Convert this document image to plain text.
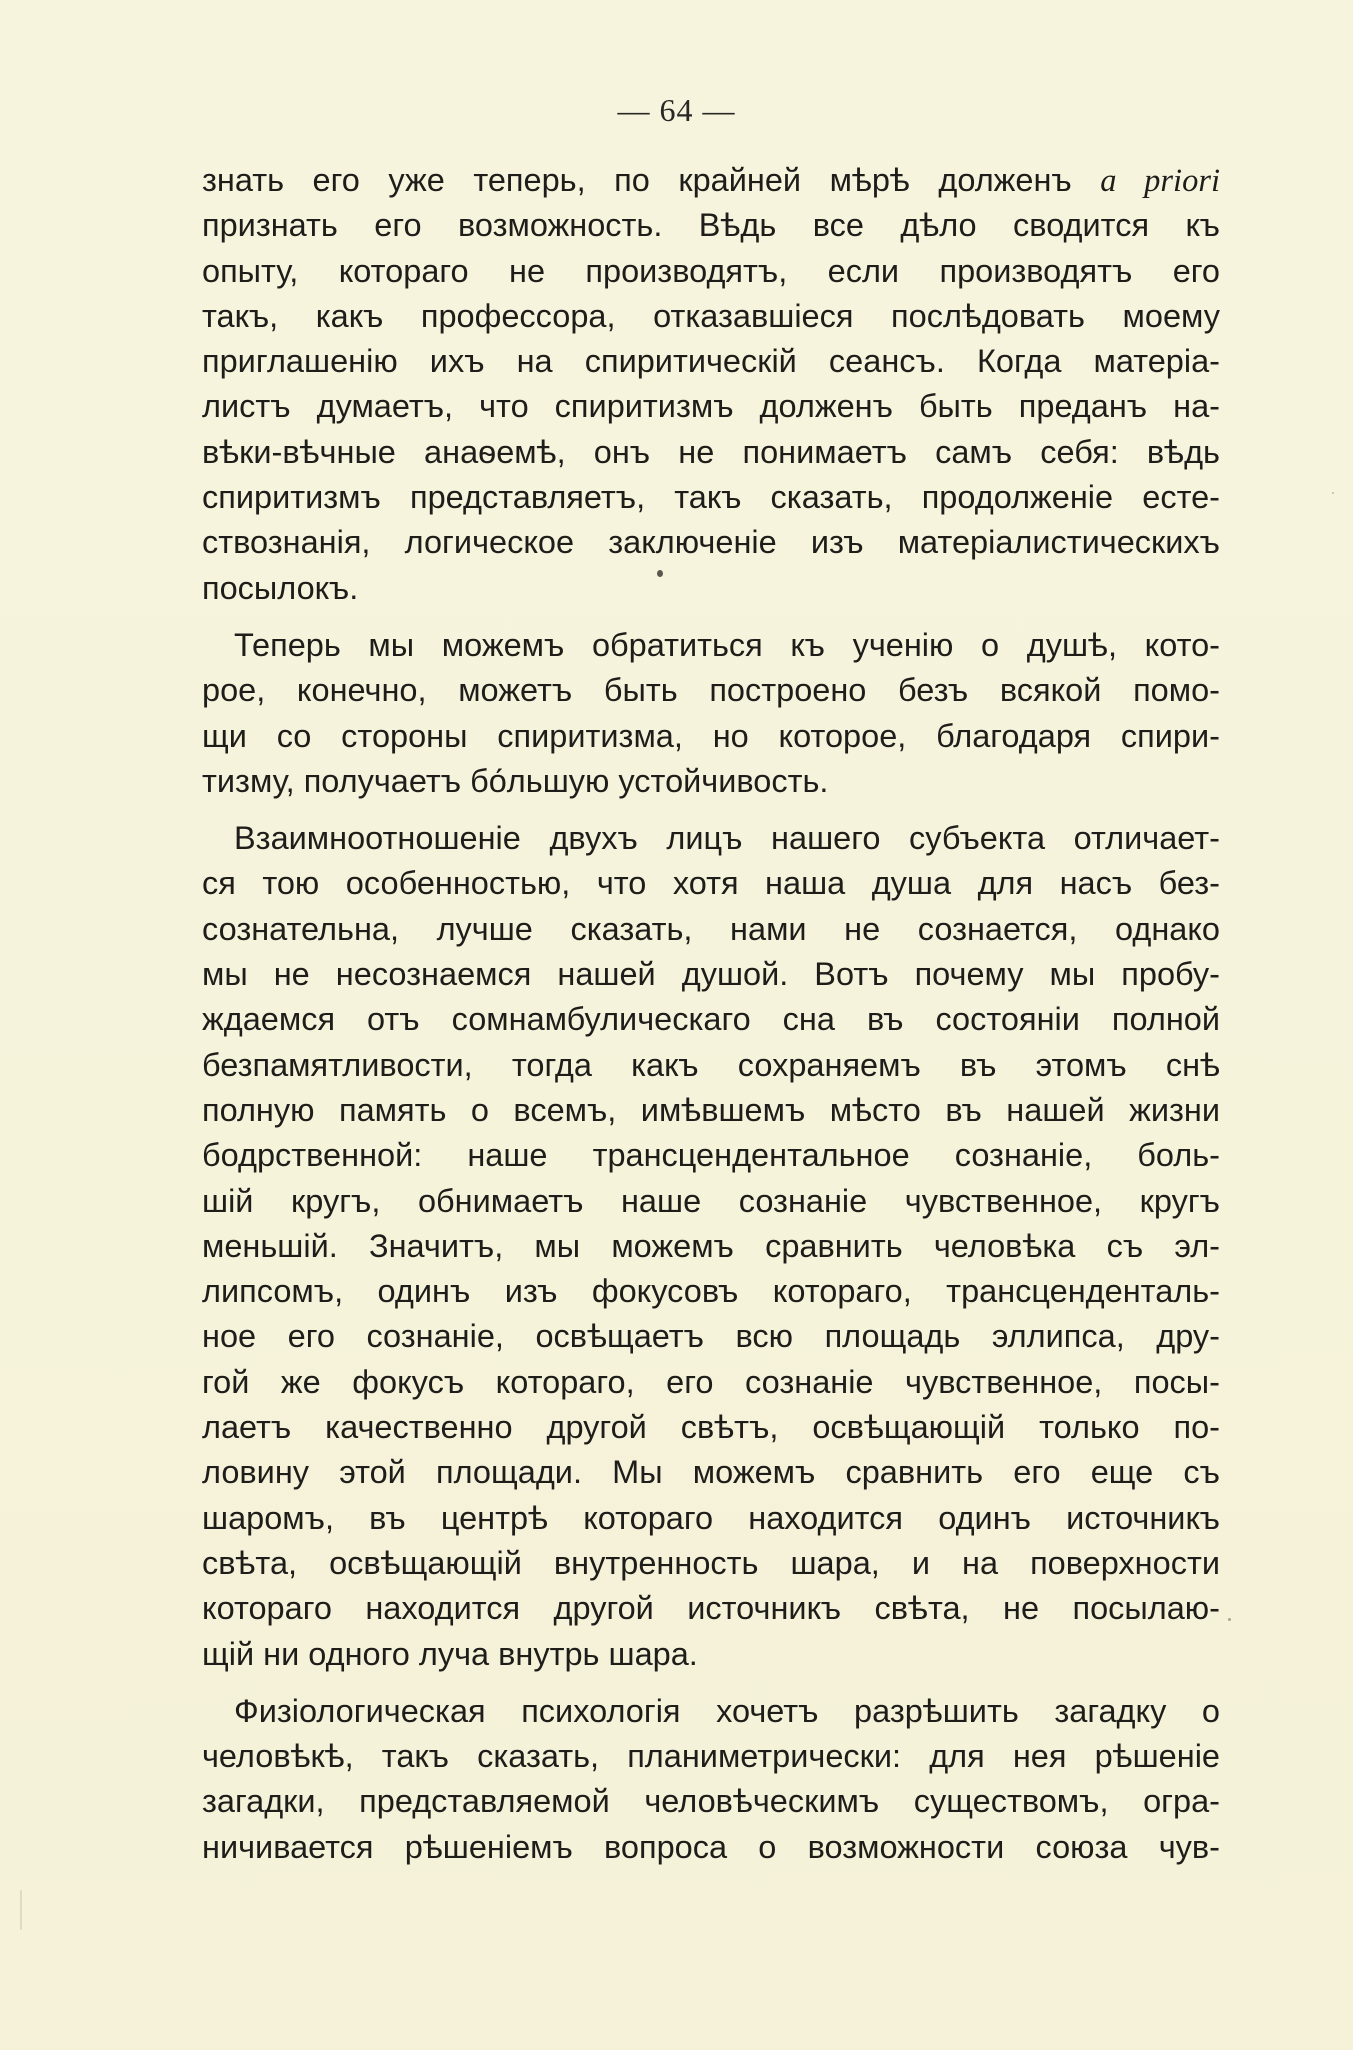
— 64 —
знать его уже теперь, по крайней мѣрѣ долженъ a priori
признать его возможность. Вѣдь все дѣло сводится къ
опыту, котораго не производятъ, если производятъ его
такъ, какъ профессора, отказавшіеся послѣдовать моему
приглашенію ихъ на спиритическій сеансъ. Когда матеріа-
листъ думаетъ, что спиритизмъ долженъ быть преданъ на-
вѣки-вѣчные анаѳемѣ, онъ не понимаетъ самъ себя: вѣдь
спиритизмъ представляетъ, такъ сказать, продолженіе есте-
ствознанія, логическое заключеніе изъ матеріалистическихъ
посылокъ.
Теперь мы можемъ обратиться къ ученію о душѣ, кото-
рое, конечно, можетъ быть построено безъ всякой помо-
щи со стороны спиритизма, но которое, благодаря спири-
тизму, получаетъ бо́льшую устойчивость.
Взаимноотношеніе двухъ лицъ нашего субъекта отличает-
ся тою особенностью, что хотя наша душа для насъ без-
сознательна, лучше сказать, нами не сознается, однако
мы не несознаемся нашей душой. Вотъ почему мы пробу-
ждаемся отъ сомнамбулическаго сна въ состояніи полной
безпамятливости, тогда какъ сохраняемъ въ этомъ снѣ
полную память о всемъ, имѣвшемъ мѣсто въ нашей жизни
бодрственной: наше трансцендентальное сознаніе, боль-
шій кругъ, обнимаетъ наше сознаніе чувственное, кругъ
меньшій. Значитъ, мы можемъ сравнить человѣка съ эл-
липсомъ, одинъ изъ фокусовъ котораго, трансценденталь-
ное его сознаніе, освѣщаетъ всю площадь эллипса, дру-
гой же фокусъ котораго, его сознаніе чувственное, посы-
лаетъ качественно другой свѣтъ, освѣщающій только по-
ловину этой площади. Мы можемъ сравнить его еще съ
шаромъ, въ центрѣ котораго находится одинъ источникъ
свѣта, освѣщающій внутренность шара, и на поверхности
котораго находится другой источникъ свѣта, не посылаю-
щій ни одного луча внутрь шара.
Физіологическая психологія хочетъ разрѣшить загадку о
человѣкѣ, такъ сказать, планиметрически: для нея рѣшеніе
загадки, представляемой человѣческимъ существомъ, огра-
ничивается рѣшеніемъ вопроса о возможности союза чув-
